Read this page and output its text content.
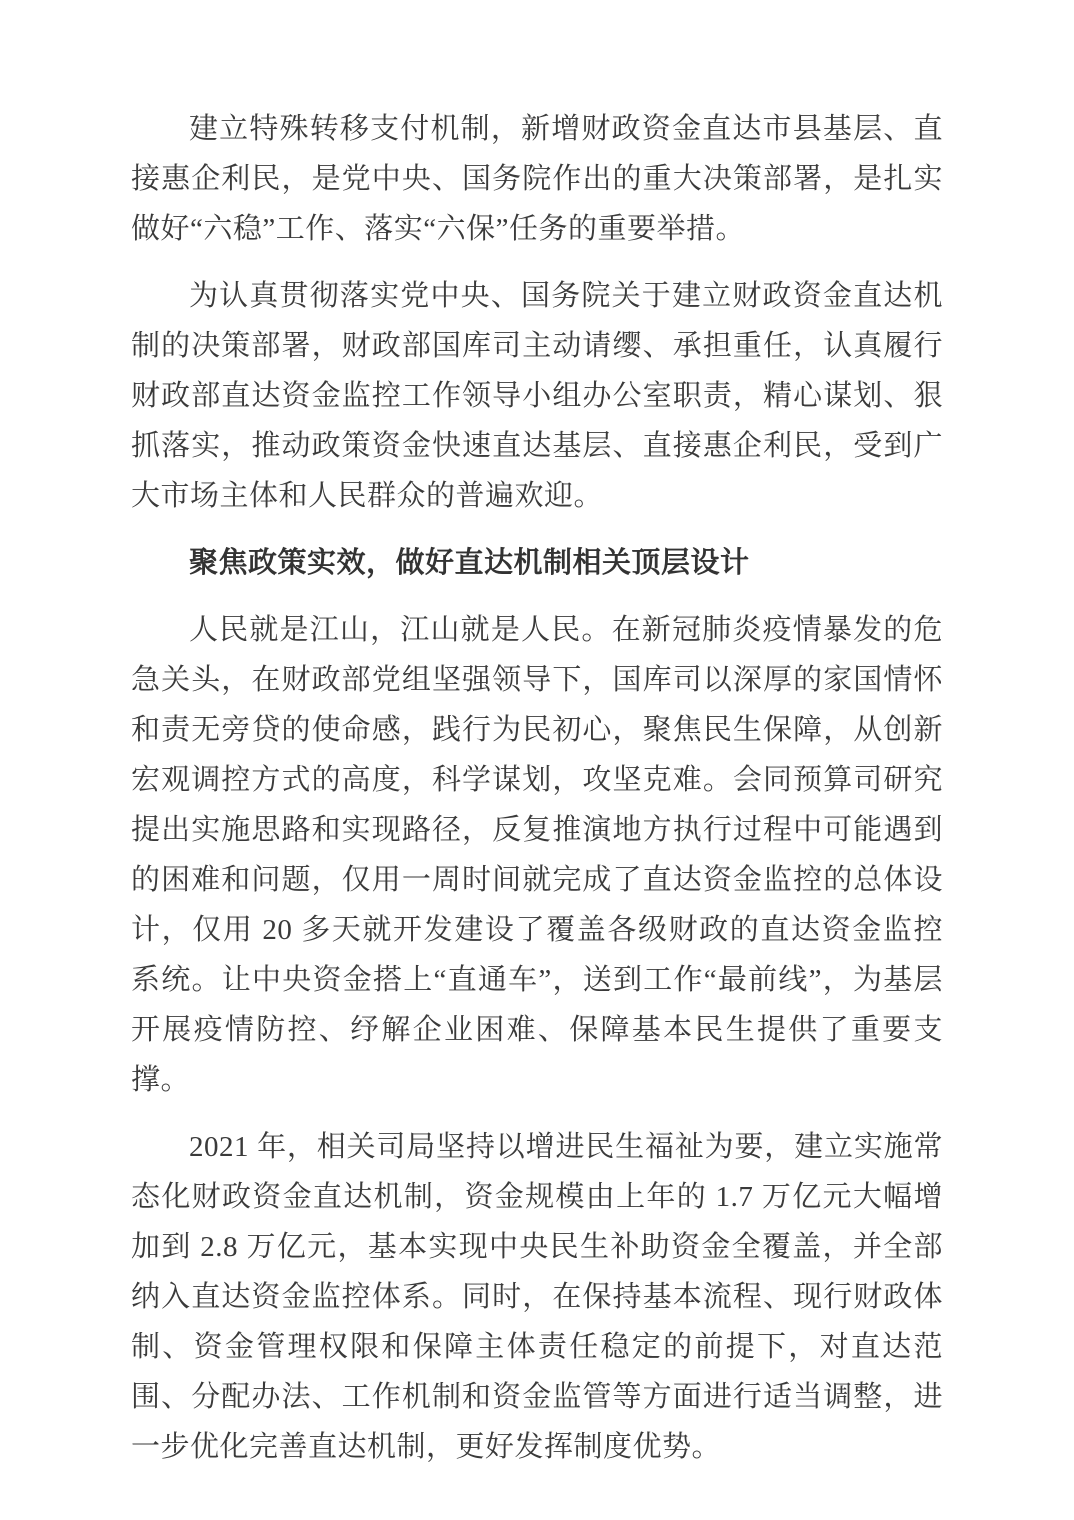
建立特殊转移支付机制，新增财政资金直达市县基层、直接惠企利民，是党中央、国务院作出的重大决策部署，是扎实做好“六稳”工作、落实“六保”任务的重要举措。

为认真贯彻落实党中央、国务院关于建立财政资金直达机制的决策部署，财政部国库司主动请缨、承担重任，认真履行财政部直达资金监控工作领导小组办公室职责，精心谋划、狠抓落实，推动政策资金快速直达基层、直接惠企利民，受到广大市场主体和人民群众的普遍欢迎。

聚焦政策实效，做好直达机制相关顶层设计

人民就是江山，江山就是人民。在新冠肺炎疫情暴发的危急关头，在财政部党组坚强领导下，国库司以深厚的家国情怀和责无旁贷的使命感，践行为民初心，聚焦民生保障，从创新宏观调控方式的高度，科学谋划，攻坚克难。会同预算司研究提出实施思路和实现路径，反复推演地方执行过程中可能遇到的困难和问题，仅用一周时间就完成了直达资金监控的总体设计，仅用 20 多天就开发建设了覆盖各级财政的直达资金监控系统。让中央资金搭上“直通车”，送到工作“最前线”，为基层开展疫情防控、纾解企业困难、保障基本民生提供了重要支撑。

2021 年，相关司局坚持以增进民生福祉为要，建立实施常态化财政资金直达机制，资金规模由上年的 1.7 万亿元大幅增加到 2.8 万亿元，基本实现中央民生补助资金全覆盖，并全部纳入直达资金监控体系。同时，在保持基本流程、现行财政体制、资金管理权限和保障主体责任稳定的前提下，对直达范围、分配办法、工作机制和资金监管等方面进行适当调整，进一步优化完善直达机制，更好发挥制度优势。
